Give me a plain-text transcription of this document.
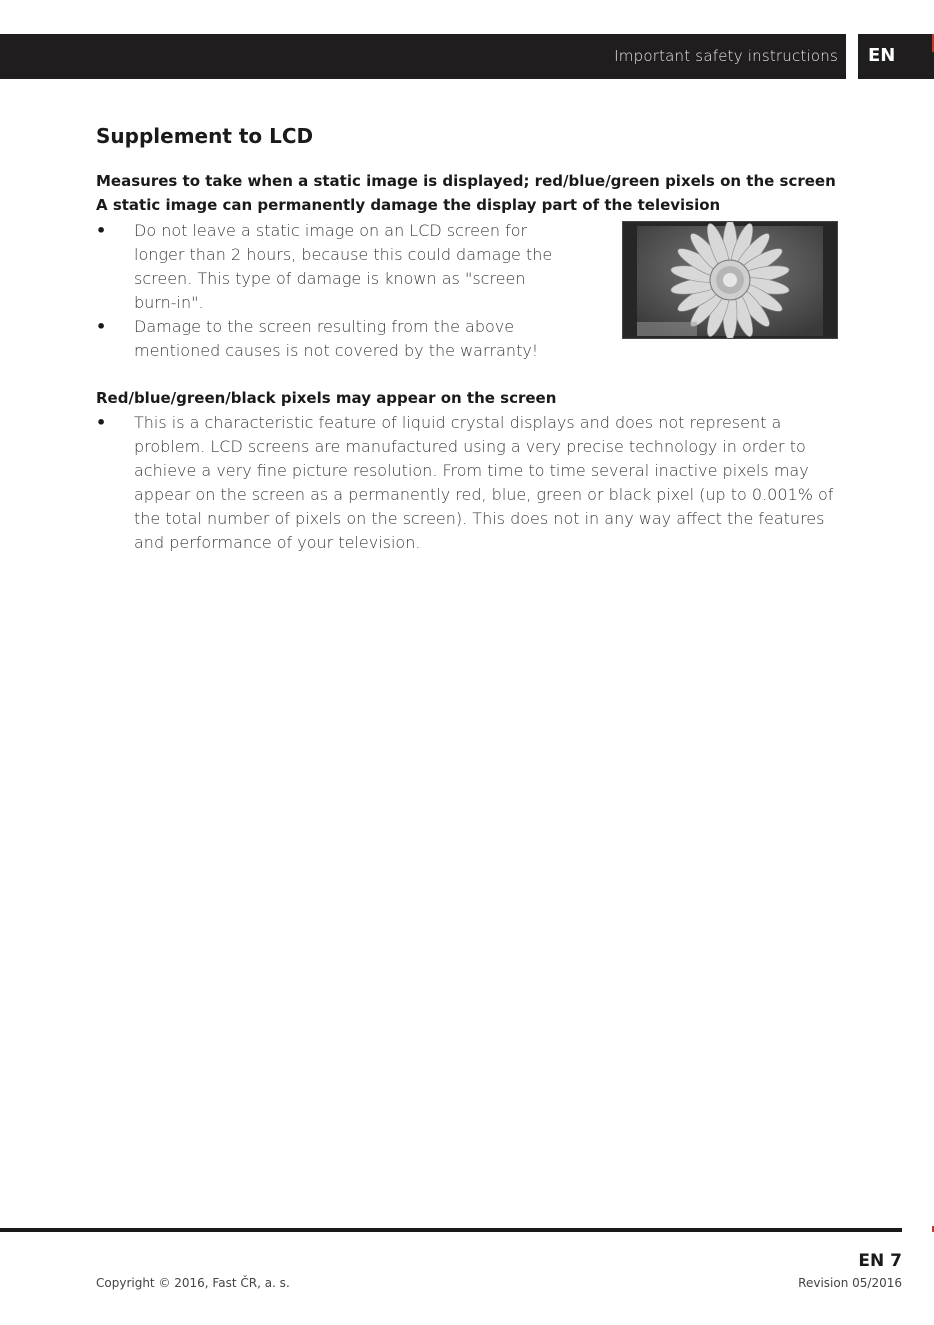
Important safety instructions EN
Supplement to LCD

Measures to take when a static image is displayed; red/blue/green pixels on the screen

A static image can permanently damage the display part of the television

• Do not leave a static image on an LCD screen for longer than 2 hours, because this could damage the screen. This type of damage is known as "screen burn-in".
• Damage to the screen resulting from the above mentioned causes is not covered by the warranty!

Red/blue/green/black pixels may appear on the screen

• This is a characteristic feature of liquid crystal displays and does not represent a problem. LCD screens are manufactured using a very precise technology in order to achieve a very fine picture resolution. From time to time several inactive pixels may appear on the screen as a permanently red, blue, green or black pixel (up to 0.001% of the total number of pixels on the screen). This does not in any way affect the features and performance of your television.
EN 7
Copyright © 2016, Fast ČR, a. s.	Revision 05/2016
